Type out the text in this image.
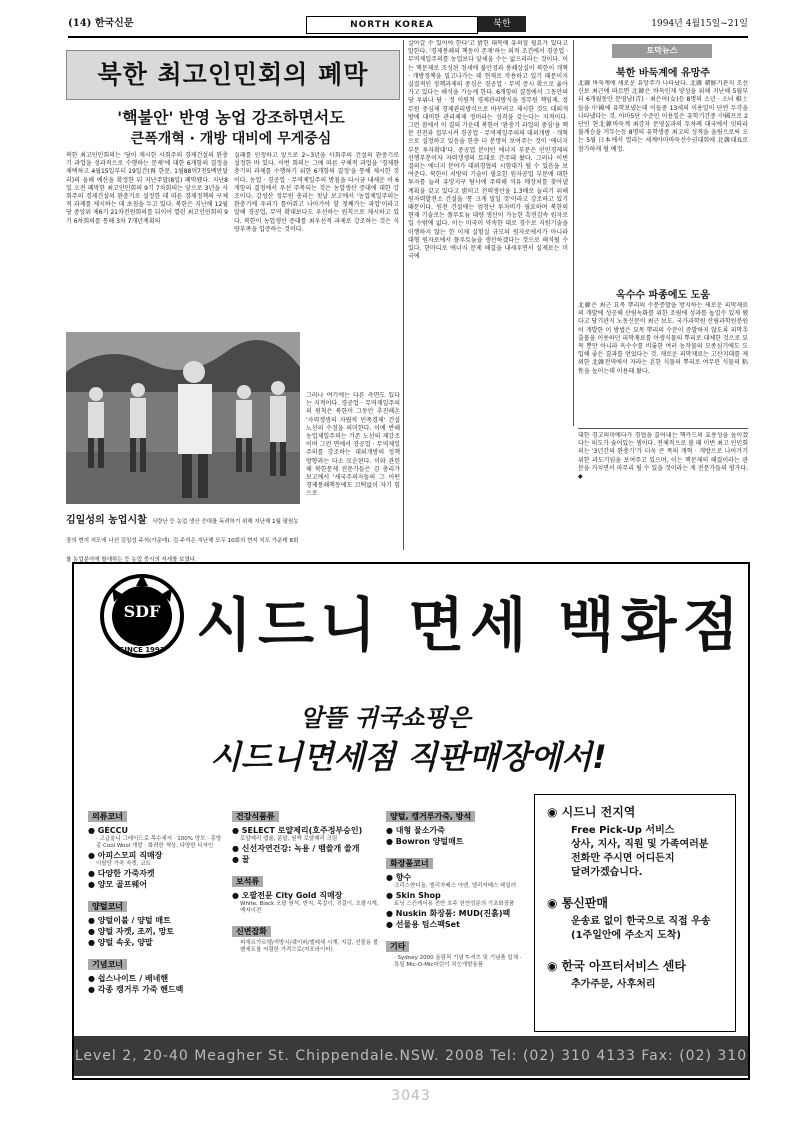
(14) 한국신문	NORTH KOREA	북한	1994년 4월15일~21일
북한 최고인민회의 폐막
'핵불안' 반영 농업 강조하면서도
큰폭개혁 · 개방 대비에 무게중심

북한 최고인민회의는 '당이 제시한 사회주의 경제건설의 완충기 과업을 성과적으로 수행하는 문제'에 대한 6개항의 결정을 채택하고 4월15일부터 19일간(再 한문, 1월88억7천5백만달러)의 올해 예산을 확정한 뒤 지난주말(8일) 폐막됐다. 지난8일 오전 폐막한 최고인민회의 9기 7차회의는 앞으로 3년을 사회주의 경제건설의 완충기로 설정한 데 따른 경제정책의 구체적 과제를 제시하는 데 초점을 두고 있다. 북한은 지난해 12월 당 중앙위 제6기 21차전원회의를 뒤이어 열린 최고인민회의 9기 6차회의를 통해 3차 7개년계획의

실패를 인정하고 앞으로 2~3년을 사회주의 건설의 완충기로 설정한 바 있다. 이번 회의는 그에 따른 구체적 과업을 '경제완충기의 과제를 수행하기 위한 6개항의 결정'을 통해 제시한 것이다. 농업 · 경공업 · 무역제일주의 방침을 다시금 내세운 이 6개항의 결정에서 우선 주목되는 것은 농업생산 증대에 대한 강조이다. 강성산 정무원 총리는 첫날 보고에서 '농업제일주의는 완충기에 우리가 틀어쥐고 나아가야 할 첫째가는 과업'이라고 말해 경공업, 무역 확대보다도 우선하는 원칙으로 제시하고 있다. 북한이 농업생산 증대를 최우선적 과제로 강조하는 것은 식량부족을 입증하는 것이다.

그러나 여기에는 다른 측면도 있다는 지적이다. 경공업 · 무역제일주의의 원칙은 북한이 그동안 추진해온 '자력갱생의 자립적 민족경제' 건설 노선의 수정을 의미한다. 이에 반해 농업제일주의는 기존 노선의 재강조이며 그런 면에서 경공업 · 무역제일주의를 강조하는 대외개방의 정책 방향과는 다소 모순된다. 이와 관련해 북한문제 전문가들은 김 총리가 보고에서 '세국주의자들의 그 어떤 경제봉쇄책동에도 끄떡없이 자기 힘으로

김일성의 농업시찰 식량난 등 농업 생산 증대를 독려하기 위해 지난해 1월 평원농장의 현지 지도에 나선 김일성 주석(가운데). 김 주석은 지난해 모두 10회의 현지 지도 가운데 8회를 농업분야에 할애하는 등 농업 중시의 자세를 보였다.

살아갈 수 있어야 한다'고 밝힌 대목에 유의할 필요가 있다고 말한다. '경제봉쇄의 책동이 존재'하는 외적 조건에서 경공업 · 무역제일주의를 농업보다 앞세울 수는 없으리라는 것이다. 이는 핵문제로 조성된 정세에 불안정과 봉쇄상실이 북한이 개혁 · 개방정책을 밀고나가는 데 현재로 작용하고 있기 때문이지 실질적인 정책과제의 중심은 경공업 · 무역 증시 확으로 옮아가고 있다는 해석을 가능케 한다. 6개항의 결정에서 그동안의 당 우위나 당 · 정 이원적 경제관리방식을 정무원 책임제, 정무원 중심제 경제관리방식으로 바꾸려고 제시한 것도 대외개방에 대비한 관리체제 정비라는 성격을 갖는다는 지적이다. 그런 점에서 이 결의 가운데 북한이 '완충기 과업의 중심'을 핵문 진전과 접부시켜 경공업 · 무역제일주의의 대외개방 · 개혁으로 설정하고 있음을 한층 더 분명히 보여주는 것이 '에너지부문 투자확대'다. 중공업 분야인 에너지 부문은 인민경제의 선행부문이자 자력갱생의 토대로 간주돼 왔다. 그러나 이번 결의는 에너지 분야가 대외경협의 시험대가 될 수 있음을 보여준다. 북한이 서방의 기술이 필요한 원자공업 부문에 대한 투자를 늘려 유망지구 탐사에 주력해 석유 매장처를 찾아낼 계획을 갖고 있다고 밝히고 전력생산을 1.3배로 늘리기 위해 원자력발전소 건설을 '통 크게 밀일 것'이라고 강조하고 있기 때문이다. 원전 건설에는 엄청난 투자비가 필요하며 북한의 현재 기술로는 플루토늄 대량 생산이 가능한 흑연감속 원자로일 수밖에 없다. 이는 미국이 약속한 대로 경수로 지원기술을 이행하지 않는 한 이제 실험실 규모의 원자로에서가 아니라 대형 원자로에서 플루토늄을 생산하겠다는 것으로 해석될 수 있다. 한마디로 에너지 문제 해결을 내세우면서 실제로는 미국에

토막뉴스
북한 바둑계에 유망주

北韓 바둑계에 새로운 유망주가 나타났다. 北韓 朝鮮기관지 조선신보 최근에 따르면 北韓은 바둑인재 양성을 위해 지난해 5월부터 6개월동안 문영남(青) · 최은아(女)등 8명의 소년 · 소녀 棋士들을 中國에 유학보냈는데 이들중 13세의 이용일이 단연 두각을 나타냈다는 것. 아마5단 수준인 이용일은 유학기간중 中國프로 2단인 현北韓바둑계 최강자 문영실과의 두차례 대국에서 잇따라 불계승을 거두는등 8명의 유학생중 최고의 성적을 올림으로써 오는 5월 日本에서 열리는 세계아마바둑선수권대회에 北韓대표로 참가하게 될 예정.

옥수수 파종에도 도움

北韓은 최근 묘목 뿌리의 수분증발을 방지하는 새로운 피막재료의 개발에 성공해 산림녹화를 위한 조림에 성과를 높일수 있게 됐다고 당기관지 노동신문이 최근 보도. 국가과학원 산림과학원분원이 개발한 이 방법은 묘목 뿌리의 수분이 증발하지 않도록 피막추출물을 이용하던 피막재료를 아생식물의 뿌리로 대체한 것으로 묘목 뿐만 아니라 옥수수를 비롯한 여러 농작물의 모종심기에도 도입해 좋은 결과를 얻었다는 것. 새로운 피막재료는 고산지대를 제외한 北韓전역에서 자라는 흔한 식물의 뿌리로 여무린 식물의 粘性을 높이는데 이용돼 왔다.

대한 경고의미에다가 경협을 끌어내는 핵카드의 효용성을 높이겠다는 의도가 숨어있는 셈이다. 전체적으로 볼 때 이번 최고 인민회의는 '3년간의 완충기'가 더욱 큰 폭의 개혁 · 개방으로 나아가기 위한 과도기임을 보여주고 있으며, 이는 핵문제의 해결이라는 관문을 거치면서 마무리 될 수 있을 것이라는 게 전문가들의 평가다. ◆

SDF
SINCE 1993 시드니 면세 백화점
알뜰 귀국쇼핑은
시드니면세점 직판매장에서!
의류코너
● GECCU
· 고급울니 그레이드로 목수세저 · 100% 양모 · 흥방종 Cool Wool 개발 · 화려한 색상, 다양한 디자인
● 아피스모피 직매장
이탈당 가죽 자켓, 코트
● 다양한 가죽자켓
● 양모 골프웨어
양털코너
● 양털이불 / 양털 매트
● 양털 자켓, 조끼, 망토
● 양털 속옷, 양말
기념코너
● 쉽스나이트 / 배네핸
● 각종 캥거루 가죽 핸드백
건강식품류
● SELECT 로얄제리(호주정부승인)
로얄제리 캡슐, 분말, 원액 로얄제리 크림
● 신선자연건강: 녹용 / 뱀쓸개 쓸개
● 꿀
보석류
● 오팔전문 City Gold 직매장
White, Black 오팔 원석, 반지, 목걸이, 귀걸이, 오팔시계, 액자이전
신변잡화
피에르가르뎅/지방시/쉐이퍼/엘레세 시계, 지갑, 선물용 볼펜세트를 저렴한 가격으로(지포라이터)
양털, 캥거루가죽, 방석
● 대형 물소가죽
● Bowron 양털매트
화장품코너
● 향수
크리스챤디올, 엘리자베스 아덴, 엘리자베스 테일러
● Skin Shop
토닝 스킨케어용 전반 호주 천연성분의 기초화장품
● Nuskin 화장품: MUD(진흙)팩
● 선물용 팀스팩Set
기타
· Sydney 2000 올림픽 기념 T-셔츠 및 기념품 일체 · 특일 Mic-O-Mic어린이 치능개발용품
◉ 시드니 전지역
Free Pick-Up 서비스
상사, 지사, 직원 및 가족여러분
전화만 주시면 어디든지
달려가겠습니다.
◉ 통신판매
운송료 없이 한국으로 직접 우송
(1주일안에 주소지 도착)
◉ 한국 아프터서비스 센타
추가주문, 사후처리
Level 2, 20-40 Meagher St. Chippendale.NSW. 2008 Tel: (02) 310 4133 Fax: (02) 310 3043
